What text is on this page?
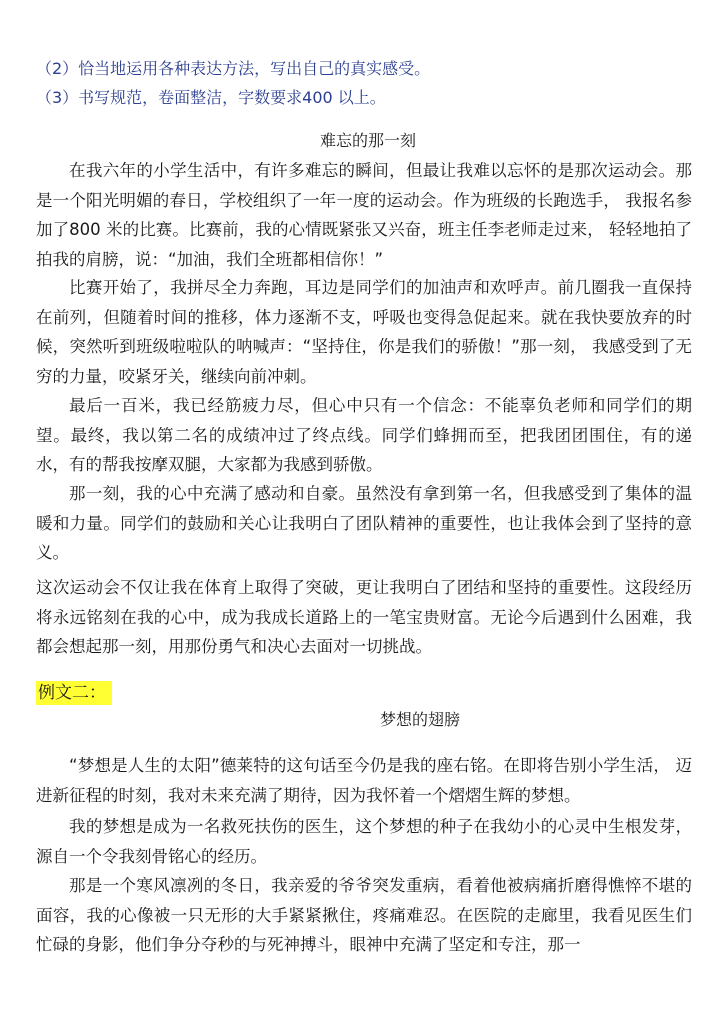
（2）恰当地运用各种表达方法，写出自己的真实感受。
（3）书写规范，卷面整洁，字数要求400 以上。
难忘的那一刻
在我六年的小学生活中，有许多难忘的瞬间，但最让我难以忘怀的是那次运动会。那是一个阳光明媚的春日，学校组织了一年一度的运动会。作为班级的长跑选手， 我报名参加了800 米的比赛。比赛前，我的心情既紧张又兴奋，班主任李老师走过来， 轻轻地拍了拍我的肩膀，说：“加油，我们全班都相信你！”
比赛开始了，我拼尽全力奔跑，耳边是同学们的加油声和欢呼声。前几圈我一直保持在前列，但随着时间的推移，体力逐渐不支，呼吸也变得急促起来。就在我快要放弃的时候，突然听到班级啦啦队的呐喊声：“坚持住，你是我们的骄傲！”那一刻， 我感受到了无穷的力量，咬紧牙关，继续向前冲刺。
最后一百米，我已经筋疲力尽，但心中只有一个信念：不能辜负老师和同学们的期望。最终，我以第二名的成绩冲过了终点线。同学们蜂拥而至，把我团团围住，有的递水，有的帮我按摩双腿，大家都为我感到骄傲。
那一刻，我的心中充满了感动和自豪。虽然没有拿到第一名，但我感受到了集体的温暖和力量。同学们的鼓励和关心让我明白了团队精神的重要性，也让我体会到了坚持的意义。
这次运动会不仅让我在体育上取得了突破，更让我明白了团结和坚持的重要性。这段经历将永远铭刻在我的心中，成为我成长道路上的一笔宝贵财富。无论今后遇到什么困难，我都会想起那一刻，用那份勇气和决心去面对一切挑战。
例文二：
梦想的翅膀
“梦想是人生的太阳”德莱特的这句话至今仍是我的座右铭。在即将告别小学生活， 迈进新征程的时刻，我对未来充满了期待，因为我怀着一个熠熠生辉的梦想。
我的梦想是成为一名救死扶伤的医生，这个梦想的种子在我幼小的心灵中生根发芽，源自一个令我刻骨铭心的经历。
那是一个寒风凛冽的冬日，我亲爱的爷爷突发重病，看着他被病痛折磨得憔悴不堪的面容，我的心像被一只无形的大手紧紧揪住，疼痛难忍。在医院的走廊里，我看见医生们忙碌的身影，他们争分夺秒的与死神搏斗，眼神中充满了坚定和专注，那一
